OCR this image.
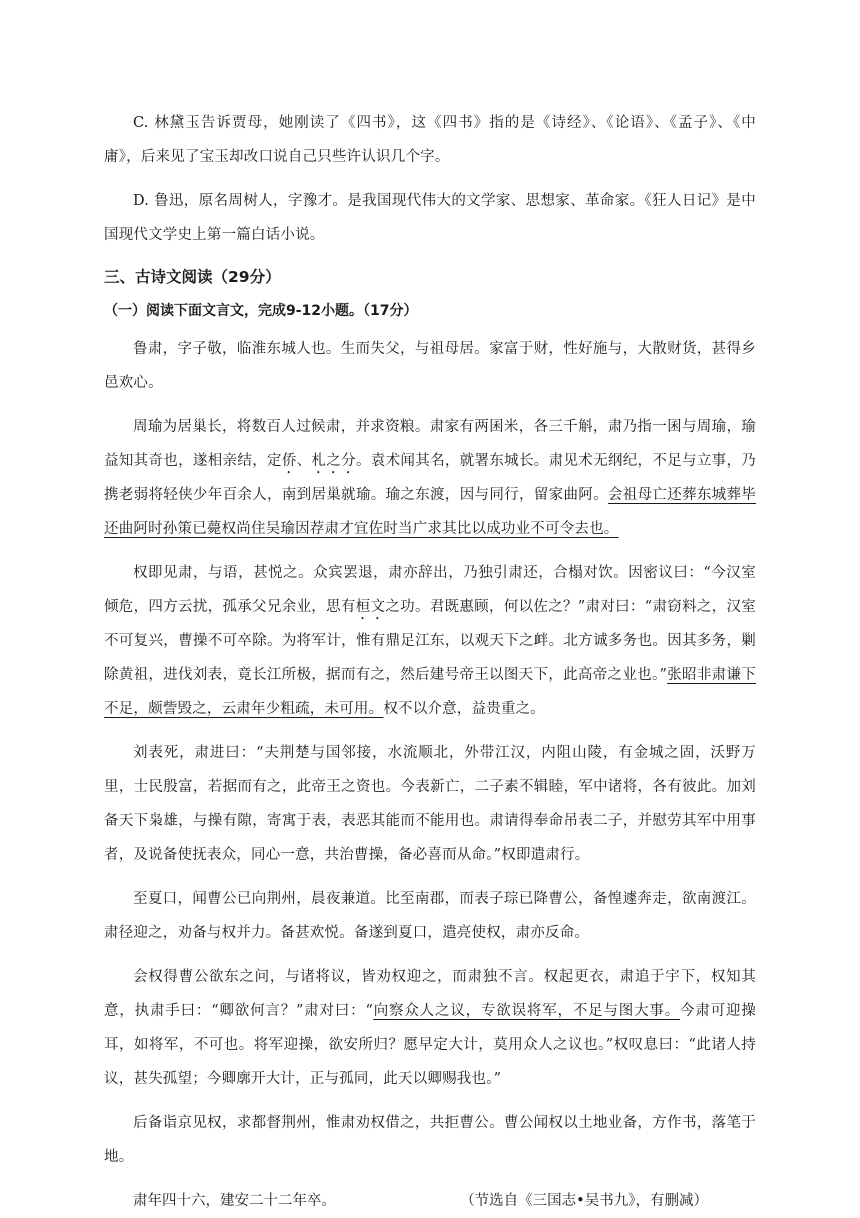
C. 林黛玉告诉贾母，她刚读了《四书》，这《四书》指的是《诗经》、《论语》、《孟子》、《中庸》，后来见了宝玉却改口说自己只些许认识几个字。

D. 鲁迅，原名周树人，字豫才。是我国现代伟大的文学家、思想家、革命家。《狂人日记》是中国现代文学史上第一篇白话小说。

三、古诗文阅读（29分）
（一）阅读下面文言文，完成9-12小题。（17分）

鲁肃，字子敬，临淮东城人也。生而失父，与祖母居。家富于财，性好施与，大散财货，甚得乡邑欢心。

周瑜为居巢长，将数百人过候肃，并求资粮。肃家有两囷米，各三千斛，肃乃指一囷与周瑜，瑜益知其奇也，遂相亲结，定侨、札之分。袁术闻其名，就署东城长。肃见术无纲纪，不足与立事，乃携老弱将轻侠少年百余人，南到居巢就瑜。瑜之东渡，因与同行，留家曲阿。会祖母亡还葬东城葬毕还曲阿时孙策已薨权尚住吴瑜因荐肃才宜佐时当广求其比以成功业不可令去也。

权即见肃，与语，甚悦之。众宾罢退，肃亦辞出，乃独引肃还，合榻对饮。因密议曰：“今汉室倾危，四方云扰，孤承父兄余业，思有桓文之功。君既惠顾，何以佐之？”肃对曰：“肃窃料之，汉室不可复兴，曹操不可卒除。为将军计，惟有鼎足江东，以观天下之衅。北方诚多务也。因其多务，剿除黄祖，进伐刘表，竟长江所极，据而有之，然后建号帝王以图天下，此高帝之业也。”张昭非肃谦下不足，颇訾毁之，云肃年少粗疏，未可用。权不以介意，益贵重之。

刘表死，肃进曰：“夫荆楚与国邻接，水流顺北，外带江汉，内阻山陵，有金城之固，沃野万里，士民殷富，若据而有之，此帝王之资也。今表新亡，二子素不辑睦，军中诸将，各有彼此。加刘备天下枭雄，与操有隙，寄寓于表，表恶其能而不能用也。肃请得奉命吊表二子，并慰劳其军中用事者，及说备使抚表众，同心一意，共治曹操，备必喜而从命。”权即遣肃行。

至夏口，闻曹公已向荆州，晨夜兼道。比至南郡，而表子琮已降曹公，备惶遽奔走，欲南渡江。肃径迎之，劝备与权并力。备甚欢悦。备遂到夏口，遣亮使权，肃亦反命。

会权得曹公欲东之问，与诸将议，皆劝权迎之，而肃独不言。权起更衣，肃追于宇下，权知其意，执肃手曰：“卿欲何言？”肃对曰：“向察众人之议，专欲误将军，不足与图大事。今肃可迎操耳，如将军，不可也。将军迎操，欲安所归？愿早定大计，莫用众人之议也。”权叹息曰：“此诸人持议，甚失孤望；今卿廓开大计，正与孤同，此天以卿赐我也。”

后备诣京见权，求都督荆州，惟肃劝权借之，共拒曹公。曹公闻权以土地业备，方作书，落笔于地。

肃年四十六，建安二十二年卒。	（节选自《三国志•吴书九》，有删减）
